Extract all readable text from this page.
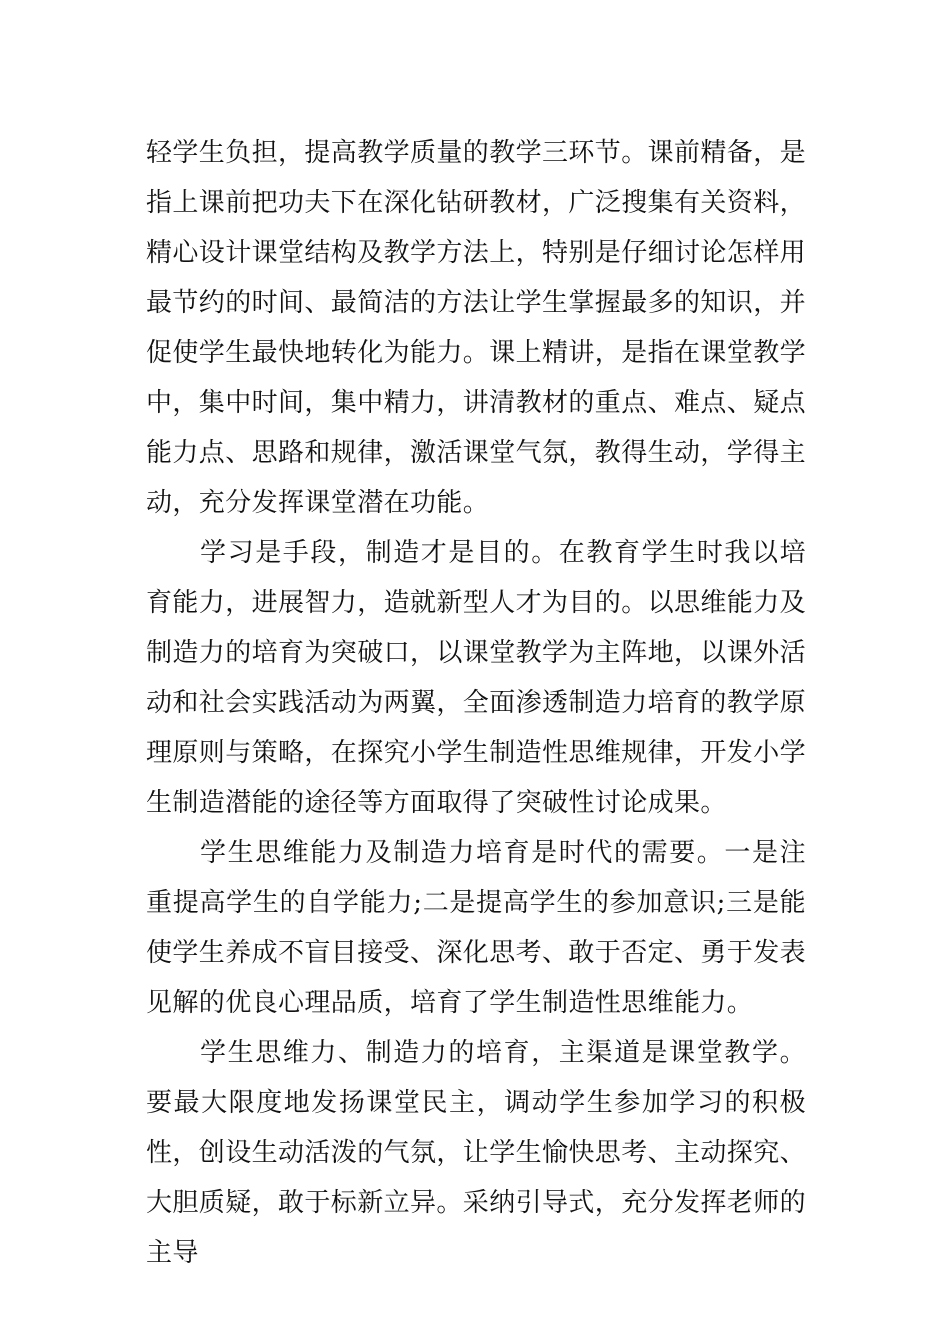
轻学生负担，提高教学质量的教学三环节。课前精备，是指上课前把功夫下在深化钻研教材，广泛搜集有关资料，精心设计课堂结构及教学方法上，特别是仔细讨论怎样用最节约的时间、最简洁的方法让学生掌握最多的知识，并促使学生最快地转化为能力。课上精讲，是指在课堂教学中，集中时间，集中精力，讲清教材的重点、难点、疑点能力点、思路和规律，激活课堂气氛，教得生动，学得主动，充分发挥课堂潜在功能。

学习是手段，制造才是目的。在教育学生时我以培育能力，进展智力，造就新型人才为目的。以思维能力及制造力的培育为突破口，以课堂教学为主阵地，以课外活动和社会实践活动为两翼，全面渗透制造力培育的教学原理原则与策略，在探究小学生制造性思维规律，开发小学生制造潜能的途径等方面取得了突破性讨论成果。

学生思维能力及制造力培育是时代的需要。一是注重提高学生的自学能力;二是提高学生的参加意识;三是能使学生养成不盲目接受、深化思考、敢于否定、勇于发表见解的优良心理品质，培育了学生制造性思维能力。

学生思维力、制造力的培育，主渠道是课堂教学。要最大限度地发扬课堂民主，调动学生参加学习的积极性，创设生动活泼的气氛，让学生愉快思考、主动探究、大胆质疑，敢于标新立异。采纳引导式，充分发挥老师的主导
